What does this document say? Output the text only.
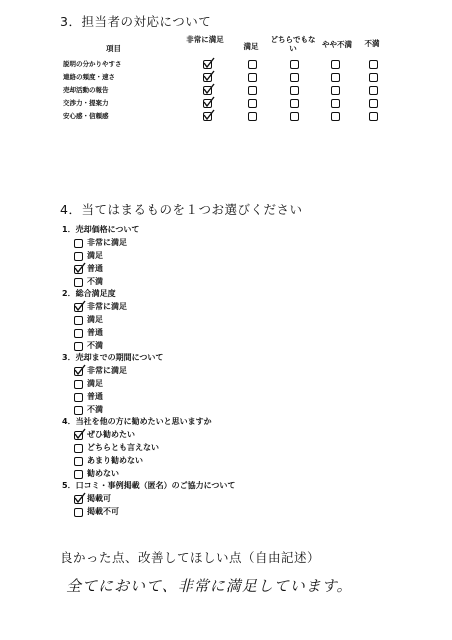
3．担当者の対応について
項目
非常に満足
満足
どちらでもない	やや不満	不満
説明の分かりやすさ
連絡の頻度・速さ
売却活動の報告
交渉力・提案力
安心感・信頼感
4．当てはまるものを１つお選びください
1．売却価格について
非常に満足
満足
普通
不満
2．総合満足度
非常に満足
満足
普通
不満
3．売却までの期間について
非常に満足
満足
普通
不満
4．当社を他の方に勧めたいと思いますか
ぜひ勧めたい
どちらとも言えない
あまり勧めない
勧めない
5．口コミ・事例掲載（匿名）のご協力について
掲載可
掲載不可
良かった点、改善してほしい点（自由記述）
全てにおいて、非常に満足しています。
